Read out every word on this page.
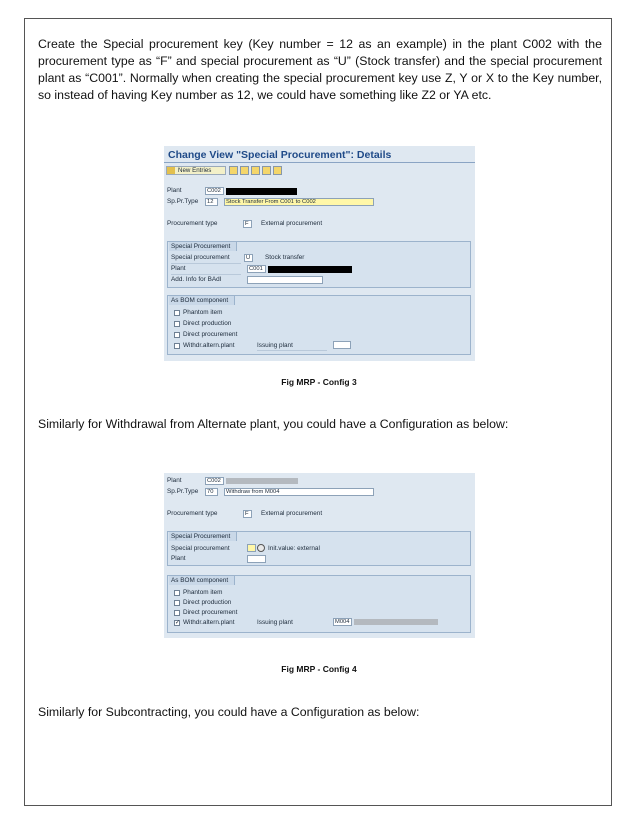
Create the Special procurement key (Key number = 12 as an example) in the plant C002 with the procurement type as “F” and special procurement as “U” (Stock transfer) and the special procurement plant as “C001”. Normally when creating the special procurement key use Z, Y or X to the Key number, so instead of having Key number as 12, we could have something like Z2 or YA etc.
Change View "Special Procurement": Details
New Entries
Plant	C002
Sp.Pr.Type	12	Stock Transfer From C001 to C002
Procurement type	F	External procurement
Special Procurement
Special procurement	U	Stock transfer
Plant	C001
Add. Info for BAdI
As BOM component
Phantom item
Direct production
Direct procurement
Withdr.altern.plant	Issuing plant
Fig MRP - Config 3
Similarly for Withdrawal from Alternate plant, you could have a Configuration as below:
Plant	C002
Sp.Pr.Type	70	Withdraw from M004
Procurement type	F	External procurement
Special Procurement
Special procurement	Init.value: external
Plant
As BOM component
Phantom item
Direct production
Direct procurement
✓ Withdr.altern.plant	Issuing plant	M004
Fig MRP - Config 4
Similarly for Subcontracting, you could have a Configuration as below:
